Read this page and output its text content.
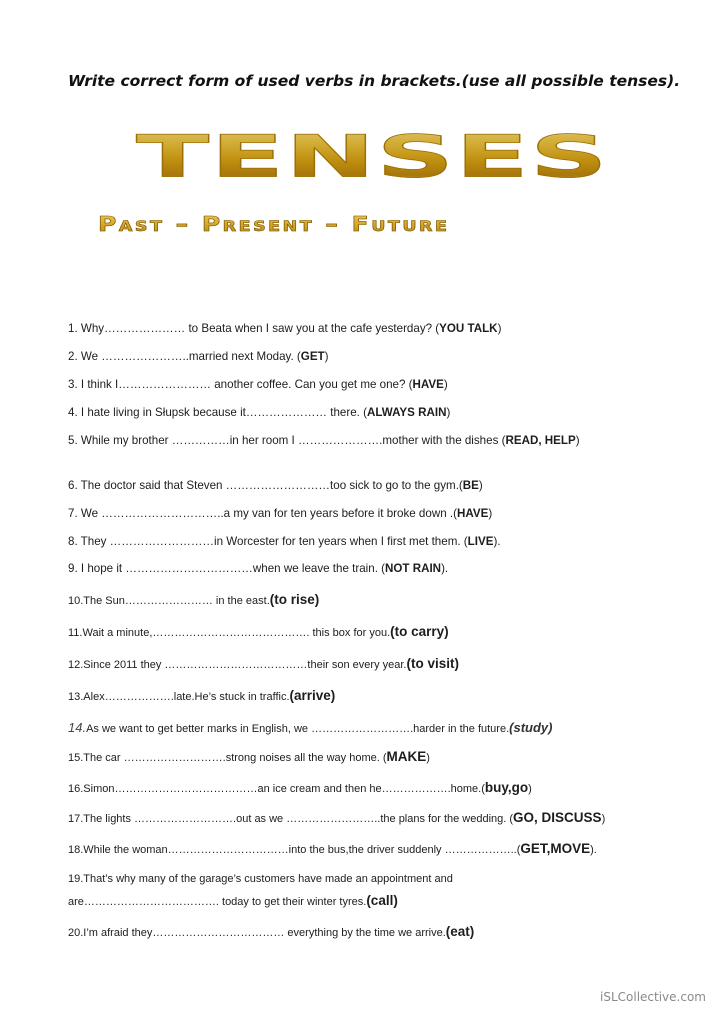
Write correct form of used verbs in brackets.(use all possible tenses).
TENSES
Past – Present – Future
1. Why………………… to Beata when I saw you at the cafe yesterday? (YOU TALK)
2. We …………………..married next Moday. (GET)
3. I think I…………………… another coffee. Can you get me one? (HAVE)
4. I hate living in Słupsk because it………………… there. (ALWAYS RAIN)
5. While my brother ……………in her room I ………………….mother with the dishes (READ, HELP)
6. The doctor said that Steven ………………………too sick to go to the gym.(BE)
7. We …………………………..a my van for ten years before it broke down .(HAVE)
8. They ………………………in Worcester for ten years when I first met them. (LIVE).
9. I hope it ……………………………when we leave the train. (NOT RAIN).
10.The Sun…………………… in the east.(to rise)
11.Wait a minute,……………………………………. this box for you.(to carry)
12.Since 2011 they …………………………………their son every year.(to visit)
13.Alex……………….late.He’s stuck in traffic.(arrive)
14.As we want to get better marks in English, we ……………………….harder in the future.(study)
15.The car ……………………….strong noises all the way home. (MAKE)
16.Simon…………………………………an ice cream and then he……………….home.(buy,go)
17.The lights ……………………….out as we ……………………..the plans for the wedding. (GO, DISCUSS)
18.While the woman……………………………into the bus,the driver suddenly ………………..(GET,MOVE).
19.That’s why many of the garage’s customers have made an appointment and are………………………………. today to get their winter tyres.(call)
20.I’m afraid they……………………………… everything by the time we arrive.(eat)
iSLCollective.com
